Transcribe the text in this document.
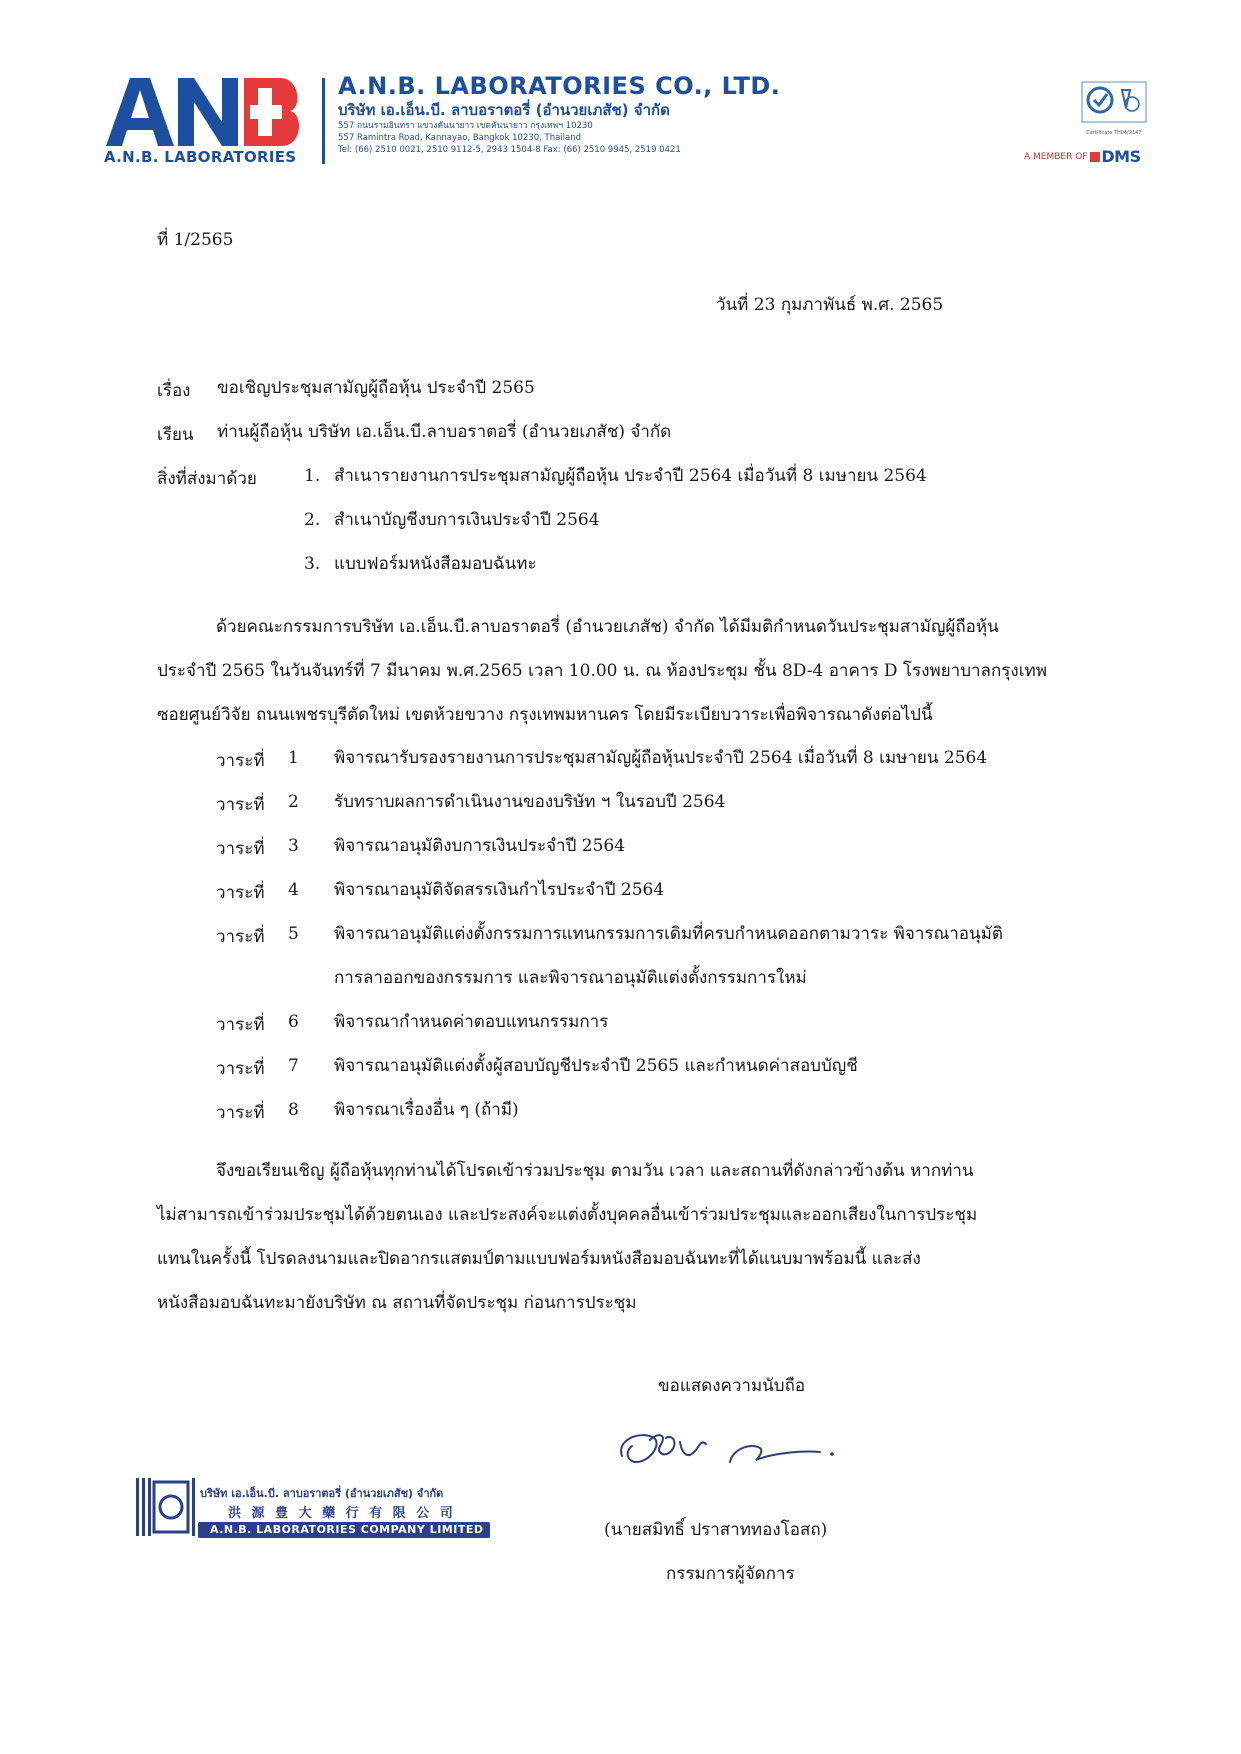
A.N.B. LABORATORIES
A.N.B. LABORATORIES CO., LTD.
บริษัท เอ.เอ็น.บี. ลาบอราตอรี่ (อำนวยเภสัช) จำกัด
557 ถนนรามอินทรา แขวงคันนายาว เขตคันนายาว กรุงเทพฯ 10230
557 Ramintra Road, Kannayao, Bangkok 10230, Thailand
Tel: (66) 2510 0021, 2510 9112-5, 2943 1504-8 Fax: (66) 2510 9945, 2519 0421
Certificate TH06/2147
A MEMBER OF DMS
ที่ 1/2565
วันที่ 23 กุมภาพันธ์ พ.ศ. 2565
เรื่อง ขอเชิญประชุมสามัญผู้ถือหุ้น ประจำปี 2565
เรียน ท่านผู้ถือหุ้น บริษัท เอ.เอ็น.บี.ลาบอราตอรี่ (อำนวยเภสัช) จำกัด
สิ่งที่ส่งมาด้วย	1. สำเนารายงานการประชุมสามัญผู้ถือหุ้น ประจำปี 2564 เมื่อวันที่ 8 เมษายน 2564
2. สำเนาบัญชีงบการเงินประจำปี 2564
3. แบบฟอร์มหนังสือมอบฉันทะ
ด้วยคณะกรรมการบริษัท เอ.เอ็น.บี.ลาบอราตอรี่ (อำนวยเภสัช) จำกัด ได้มีมติกำหนดวันประชุมสามัญผู้ถือหุ้น
ประจำปี 2565 ในวันจันทร์ที่ 7 มีนาคม พ.ศ.2565 เวลา 10.00 น. ณ ห้องประชุม ชั้น 8D-4 อาคาร D โรงพยาบาลกรุงเทพ
ซอยศูนย์วิจัย ถนนเพชรบุรีตัดใหม่ เขตห้วยขวาง กรุงเทพมหานคร โดยมีระเบียบวาระเพื่อพิจารณาดังต่อไปนี้
วาระที่ 1 พิจารณารับรองรายงานการประชุมสามัญผู้ถือหุ้นประจำปี 2564 เมื่อวันที่ 8 เมษายน 2564
วาระที่ 2 รับทราบผลการดำเนินงานของบริษัท ฯ ในรอบปี 2564
วาระที่ 3 พิจารณาอนุมัติงบการเงินประจำปี 2564
วาระที่ 4 พิจารณาอนุมัติจัดสรรเงินกำไรประจำปี 2564
วาระที่ 5 พิจารณาอนุมัติแต่งตั้งกรรมการแทนกรรมการเดิมที่ครบกำหนดออกตามวาระ พิจารณาอนุมัติ
การลาออกของกรรมการ และพิจารณาอนุมัติแต่งตั้งกรรมการใหม่
วาระที่ 6 พิจารณากำหนดค่าตอบแทนกรรมการ
วาระที่ 7 พิจารณาอนุมัติแต่งตั้งผู้สอบบัญชีประจำปี 2565 และกำหนดค่าสอบบัญชี
วาระที่ 8 พิจารณาเรื่องอื่น ๆ (ถ้ามี)
จึงขอเรียนเชิญ ผู้ถือหุ้นทุกท่านได้โปรดเข้าร่วมประชุม ตามวัน เวลา และสถานที่ดังกล่าวข้างต้น หากท่าน
ไม่สามารถเข้าร่วมประชุมได้ด้วยตนเอง และประสงค์จะแต่งตั้งบุคคลอื่นเข้าร่วมประชุมและออกเสียงในการประชุม
แทนในครั้งนี้ โปรดลงนามและปิดอากรแสตมป์ตามแบบฟอร์มหนังสือมอบฉันทะที่ได้แนบมาพร้อมนี้ และส่ง
หนังสือมอบฉันทะมายังบริษัท ณ สถานที่จัดประชุม ก่อนการประชุม
ขอแสดงความนับถือ
(นายสมิทธิ์ ปราสาททองโอสถ)
กรรมการผู้จัดการ
บริษัท เอ.เอ็น.บี. ลาบอราตอรี่ (อำนวยเภสัช) จำกัด
洪 源 豊 大 藥 行 有 限 公 司
A.N.B. LABORATORIES COMPANY LIMITED
